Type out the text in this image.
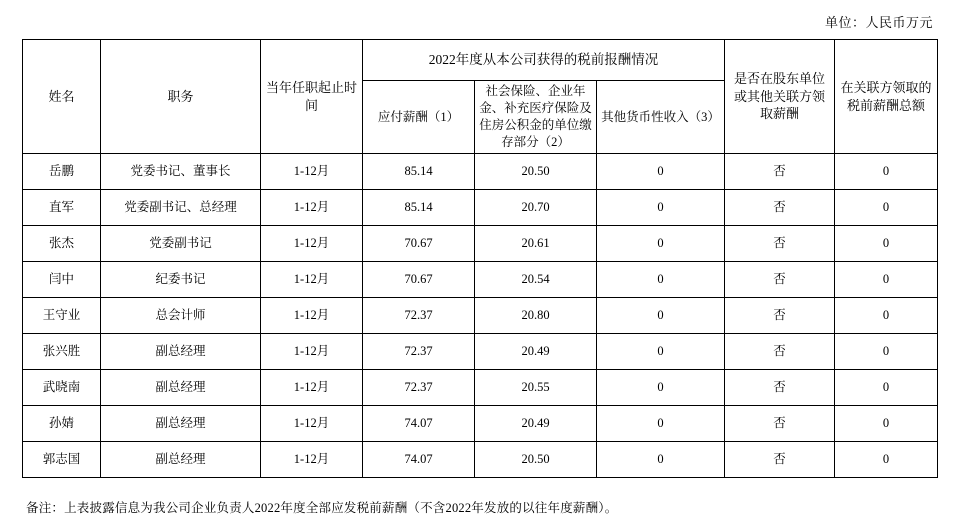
单位：人民币万元
姓名	职务	当年任职起止时间	2022年度从本公司获得的税前报酬情况			是否在股东单位或其他关联方领取薪酬	在关联方领取的税前薪酬总额
			应付薪酬（1）	社会保险、企业年金、补充医疗保险及住房公积金的单位缴存部分（2）	其他货币性收入（3）		
岳鹏	党委书记、董事长	1-12月	85.14	20.50	0	否	0
直军	党委副书记、总经理	1-12月	85.14	20.70	0	否	0
张杰	党委副书记	1-12月	70.67	20.61	0	否	0
闫中	纪委书记	1-12月	70.67	20.54	0	否	0
王守业	总会计师	1-12月	72.37	20.80	0	否	0
张兴胜	副总经理	1-12月	72.37	20.49	0	否	0
武晓南	副总经理	1-12月	72.37	20.55	0	否	0
孙婧	副总经理	1-12月	74.07	20.49	0	否	0
郭志国	副总经理	1-12月	74.07	20.50	0	否	0
备注：上表披露信息为我公司企业负责人2022年度全部应发税前薪酬（不含2022年发放的以往年度薪酬）。
